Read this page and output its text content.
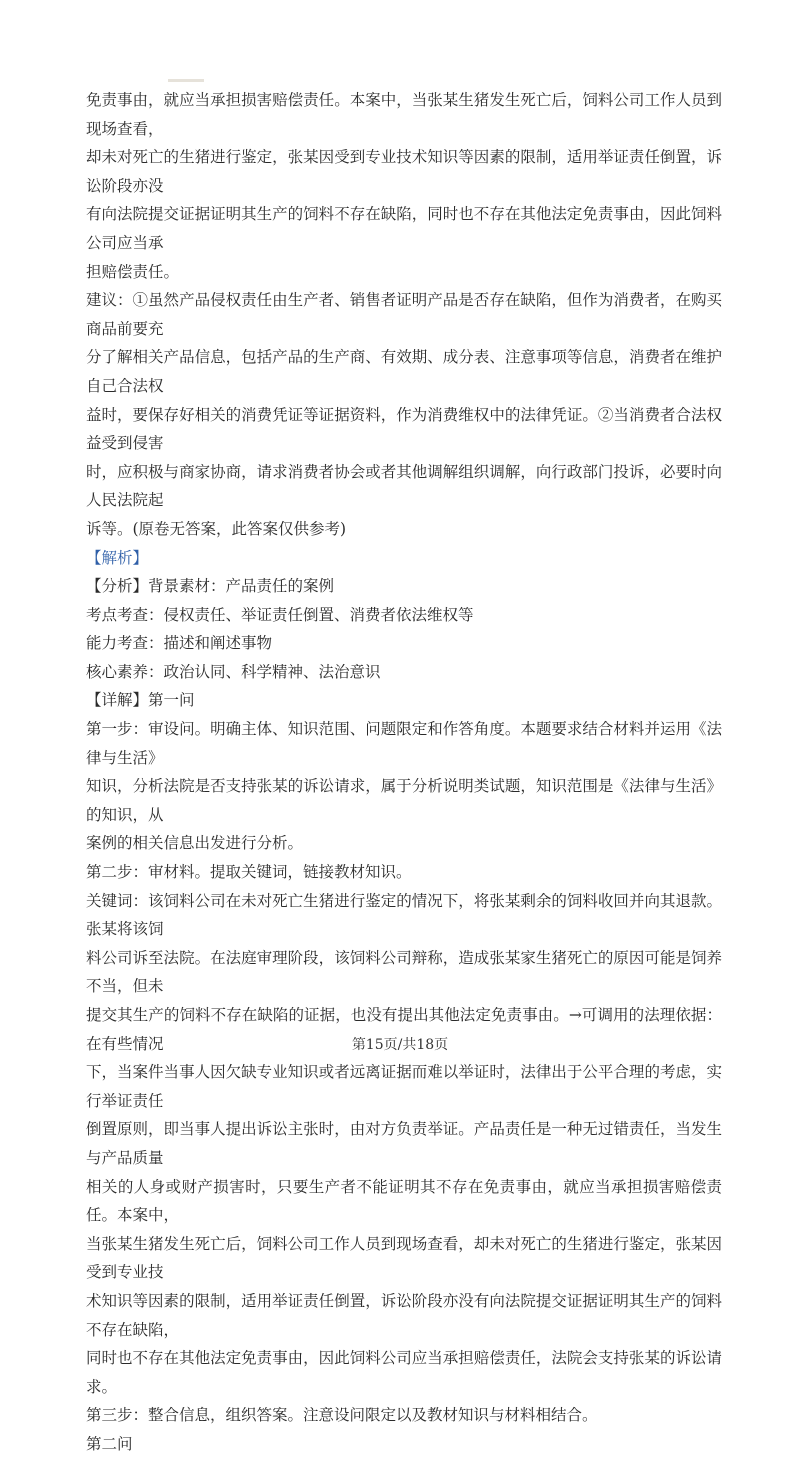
免责事由，就应当承担损害赔偿责任。本案中，当张某生猪发生死亡后，饲料公司工作人员到现场查看，
却未对死亡的生猪进行鉴定，张某因受到专业技术知识等因素的限制，适用举证责任倒置，诉讼阶段亦没
有向法院提交证据证明其生产的饲料不存在缺陷，同时也不存在其他法定免责事由，因此饲料公司应当承
担赔偿责任。

建议：①虽然产品侵权责任由生产者、销售者证明产品是否存在缺陷，但作为消费者，在购买商品前要充
分了解相关产品信息，包括产品的生产商、有效期、成分表、注意事项等信息，消费者在维护自己合法权
益时，要保存好相关的消费凭证等证据资料，作为消费维权中的法律凭证。②当消费者合法权益受到侵害
时，应积极与商家协商，请求消费者协会或者其他调解组织调解，向行政部门投诉，必要时向人民法院起
诉等。(原卷无答案，此答案仅供参考)

【解析】

【分析】背景素材：产品责任的案例

考点考查：侵权责任、举证责任倒置、消费者依法维权等

能力考查：描述和阐述事物

核心素养：政治认同、科学精神、法治意识

【详解】第一问

第一步：审设问。明确主体、知识范围、问题限定和作答角度。本题要求结合材料并运用《法律与生活》
知识，分析法院是否支持张某的诉讼请求，属于分析说明类试题，知识范围是《法律与生活》的知识，从
案例的相关信息出发进行分析。

第二步：审材料。提取关键词，链接教材知识。

关键词：该饲料公司在未对死亡生猪进行鉴定的情况下，将张某剩余的饲料收回并向其退款。张某将该饲
料公司诉至法院。在法庭审理阶段，该饲料公司辩称，造成张某家生猪死亡的原因可能是饲养不当，但未
提交其生产的饲料不存在缺陷的证据，也没有提出其他法定免责事由。→可调用的法理依据：在有些情况
下，当案件当事人因欠缺专业知识或者远离证据而难以举证时，法律出于公平合理的考虑，实行举证责任
倒置原则，即当事人提出诉讼主张时，由对方负责举证。产品责任是一种无过错责任，当发生与产品质量
相关的人身或财产损害时，只要生产者不能证明其不存在免责事由，就应当承担损害赔偿责任。本案中，
当张某生猪发生死亡后，饲料公司工作人员到现场查看，却未对死亡的生猪进行鉴定，张某因受到专业技
术知识等因素的限制，适用举证责任倒置，诉讼阶段亦没有向法院提交证据证明其生产的饲料不存在缺陷，
同时也不存在其他法定免责事由，因此饲料公司应当承担赔偿责任，法院会支持张某的诉讼请求。

第三步：整合信息，组织答案。注意设问限定以及教材知识与材料相结合。

第二问

第15页/共18页
